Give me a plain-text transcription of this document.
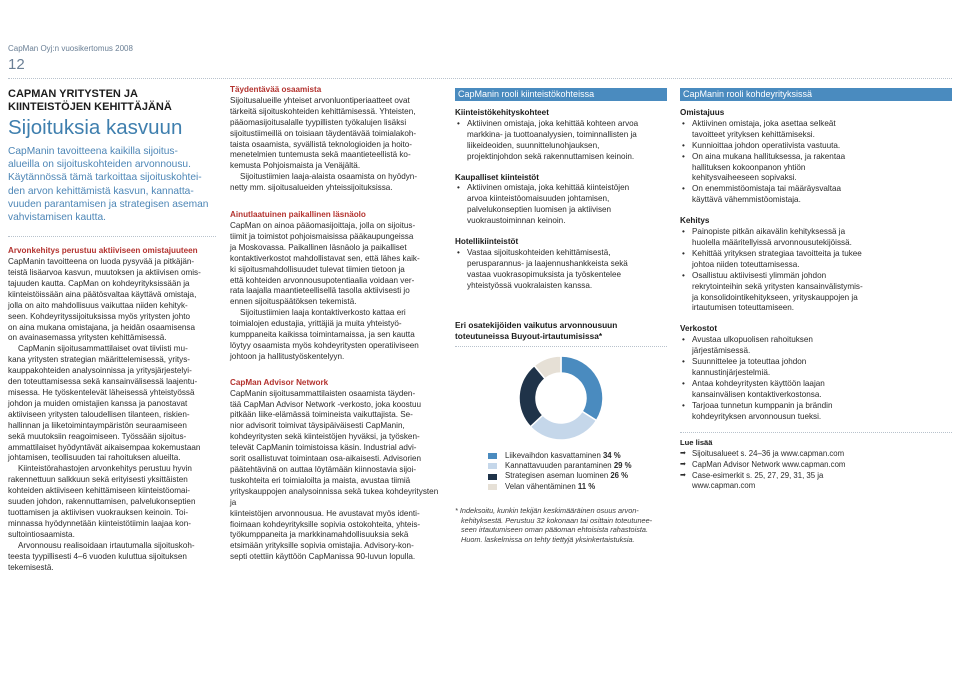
CapMan Oyj:n vuosikertomus 2008
12
CAPMAN YRITYSTEN JA KIINTEISTÖJEN KEHITTÄJÄNÄ
Sijoituksia kasvuun
CapManin tavoitteena kaikilla sijoitus-
alueilla on sijoituskohteiden arvonnousu.
Käytännössä tämä tarkoittaa sijoituskohtei-
den arvon kehittämistä kasvun, kannatta-
vuuden parantamisen ja strategisen aseman
vahvistamisen kautta.
Arvonkehitys perustuu aktiiviseen omistajuuteen

CapManin tavoitteena on luoda pysyvää ja pitkäjän-
teistä lisäarvoa kasvun, muutoksen ja aktiivisen omis-
tajuuden kautta. CapMan on kohdeyrityksissään ja
kiinteistöissään aina päätösvaltaa käyttävä omistaja,
jolla on aito mahdollisuus vaikuttaa niiden kehityk-
seen. Kohdeyrityssijoituksissa myös yritysten johto
on aina mukana omistajana, ja heidän osaamisensa
on avainasemassa yritysten kehittämisessä.

CapManin sijoitusammattilaiset ovat tiiviisti mu-
kana yritysten strategian määrittelemisessä, yritys-
kauppakohteiden analysoinnissa ja yritysjärjestelyi-
den toteuttamisessa sekä kansainvälisessä laajentu-
misessa. He työskentelevät läheisessä yhteistyössä
johdon ja muiden omistajien kanssa ja panostavat
aktiiviseen yritysten taloudellisen tilanteen, riskien-
hallinnan ja liiketoimintaympäristön seuraamiseen
sekä muutoksiin reagoimiseen. Työssään sijoitus-
ammattilaiset hyödyntävät aikaisempaa kokemustaan
johtamisen, teollisuuden tai rahoituksen alueilta.

Kiinteistörahastojen arvonkehitys perustuu hyvin
rakennettuun salkkuun sekä erityisesti yksittäisten
kohteiden aktiiviseen kehittämiseen kiinteistöomai-
suuden johdon, rakennuttamisen, palvelukonseptien
tuottamisen ja aktiivisen vuokrauksen keinoin. Toi-
minnassa hyödynnetään kiinteistötiimin laajaa kon-
sultointiosaamista.

Arvonnousu realisoidaan irtautumalla sijoituskoh-
teesta tyypillisesti 4–6 vuoden kuluttua sijoituksen
tekemisestä.

Täydentävää osaamista

Sijoitusalueille yhteiset arvonluontiperiaatteet ovat
tärkeitä sijoituskohteiden kehittämisessä. Yhteisten,
pääomasijoitusalalle tyypillisten työkalujen lisäksi
sijoitustiimeillä on toisiaan täydentävää toimialakoh-
taista osaamista, syvällistä teknologioiden ja hoito-
menetelmien tuntemusta sekä maantieteellistä ko-
kemusta Pohjoismaista ja Venäjältä.

Sijoitustiimien laaja-alaista osaamista on hyödyn-
netty mm. sijoitusalueiden yhteissijoituksissa.

Ainutlaatuinen paikallinen läsnäolo

CapMan on ainoa pääomasijoittaja, jolla on sijoitus-
tiimit ja toimistot pohjoismaisissa pääkaupungeissa
ja Moskovassa. Paikallinen läsnäolo ja paikalliset
kontaktiverkostot mahdollistavat sen, että lähes kaik-
ki sijoitusmahdollisuudet tulevat tiimien tietoon ja
että kohteiden arvonnousupotentiaalia voidaan ver-
rata laajalla maantieteellisellä tasolla aktiivisesti jo
ennen sijoituspäätöksen tekemistä.

Sijoitustiimien laaja kontaktiverkosto kattaa eri
toimialojen edustajia, yrittäjiä ja muita yhteistyö-
kumppaneita kaikissa toimintamaissa, ja sen kautta
löytyy osaamista myös kohdeyritysten operatiiviseen
johtoon ja hallitustyöskentelyyn.

CapMan Advisor Network

CapManin sijoitusammattilaisten osaamista täyden-
tää CapMan Advisor Network -verkosto, joka koostuu
pitkään liike-elämässä toimineista vaikuttajista. Se-
nior advisorit toimivat täysipäiväisesti CapManin,
kohdeyritysten sekä kiinteistöjen hyväksi, ja työsken-
televät CapManin toimistoissa käsin. Industrial advi-
sorit osallistuvat toimintaan osa-aikaisesti. Advisorien
päätehtävinä on auttaa löytämään kiinnostavia sijoi-
tuskohteita eri toimialoilta ja maista, avustaa tiimiä
yrityskauppojen analysoinnissa sekä tukea kohdeyritysten ja
kiinteistöjen arvonnousua. He avustavat myös identi-
fioimaan kohdeyrityksille sopivia ostokohteita, yhteis-
työkumppaneita ja markkinamahdollisuuksia sekä
etsimään yrityksille sopivia omistajia. Advisory-kon-
septi otettiin käyttöön CapManissa 90-luvun lopulla.

CapManin rooli kiinteistökohteissa
Kiinteistökehityskohteet
• Aktiivinen omistaja, joka kehittää kohteen arvoa
markkina- ja tuottoanalyysien, toiminnallisten ja
liikeideoiden, suunnittelunohjauksen,
projektinjohdon sekä rakennuttamisen keinoin.
Kaupalliset kiinteistöt
• Aktiivinen omistaja, joka kehittää kiinteistöjen
arvoa kiinteistöomaisuuden johtamisen,
palvelukonseptien luomisen ja aktiivisen
vuokraustoiminnan keinoin.
Hotellikiinteistöt
• Vastaa sijoituskohteiden kehittämisestä,
perusparannus- ja laajennushankkeista sekä
vastaa vuokrasopimuksista ja työskentelee
yhteistyössä vuokralaisten kanssa.
Eri osatekijöiden vaikutus arvonnousuun
toteutuneissa Buyout-irtautumisissa*
Liikevaihdon kasvattaminen 34 %
Kannattavuuden parantaminen 29 %
Strategisen aseman luominen 26 %
Velan vähentäminen 11 %
* Indeksoitu, kunkin tekijän keskimääräinen osuus arvon-
kehityksestä. Perustuu 32 kokonaan tai osittain toteutunee-
seen irtautumiseen oman pääoman ehtoisista rahastoista.
Huom. laskelmissa on tehty tiettyjä yksinkertaistuksia.
CapManin rooli kohdeyrityksissä
Omistajuus
• Aktiivinen omistaja, joka asettaa selkeät
tavoitteet yrityksen kehittämiseksi.
• Kunnioittaa johdon operatiivista vastuuta.
• On aina mukana hallituksessa, ja rakentaa
hallituksen kokoonpanon yhtiön
kehitysvaiheeseen sopivaksi.
• On enemmistöomistaja tai määräysvaltaa
käyttävä vähemmistöomistaja.
Kehitys
• Painopiste pitkän aikavälin kehityksessä ja
huolella määritellyissä arvonnousutekijöissä.
• Kehittää yrityksen strategiaa tavoitteita ja tukee
johtoa niiden toteuttamisessa.
• Osallistuu aktiivisesti ylimmän johdon
rekrytointeihin sekä yritysten kansainvälistymis-
ja konsolidointikehitykseen, yrityskauppojen ja
irtautumisen toteuttamiseen.
Verkostot
• Avustaa ulkopuolisen rahoituksen
järjestämisessä.
• Suunnittelee ja toteuttaa johdon
kannustinjärjestelmiä.
• Antaa kohdeyritysten käyttöön laajan
kansainvälisen kontaktiverkostonsa.
• Tarjoaa tunnetun kumppanin ja brändin
kohdeyrityksen arvonnousun tueksi.
Lue lisää
➡ Sijoitusalueet s. 24–36 ja www.capman.com
➡ CapMan Advisor Network www.capman.com
➡ Case-esimerkit s. 25, 27, 29, 31, 35 ja
www.capman.com
